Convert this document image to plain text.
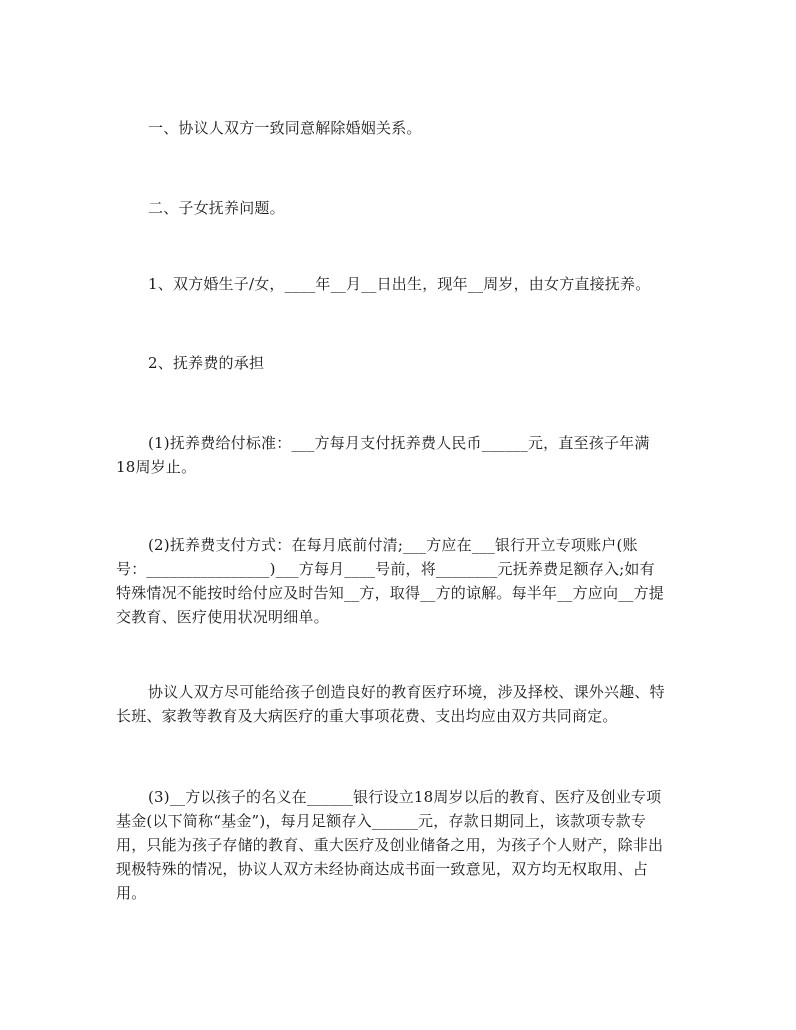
一、协议人双方一致同意解除婚姻关系。

二、子女抚养问题。

1、双方婚生子/女，____年__月__日出生，现年__周岁，由女方直接抚养。

2、抚养费的承担

(1)抚养费给付标准：___方每月支付抚养费人民币______元，直至孩子年满
18周岁止。

(2)抚养费支付方式：在每月底前付清;___方应在___银行开立专项账户(账
号：________________)___方每月____号前，将________元抚养费足额存入;如有
特殊情况不能按时给付应及时告知__方，取得__方的谅解。每半年__方应向__方提
交教育、医疗使用状况明细单。

协议人双方尽可能给孩子创造良好的教育医疗环境，涉及择校、课外兴趣、特
长班、家教等教育及大病医疗的重大事项花费、支出均应由双方共同商定。

(3)__方以孩子的名义在______银行设立18周岁以后的教育、医疗及创业专项
基金(以下简称“基金”)，每月足额存入______元，存款日期同上，该款项专款专
用，只能为孩子存储的教育、重大医疗及创业储备之用，为孩子个人财产，除非出
现极特殊的情况，协议人双方未经协商达成书面一致意见，双方均无权取用、占
用。
